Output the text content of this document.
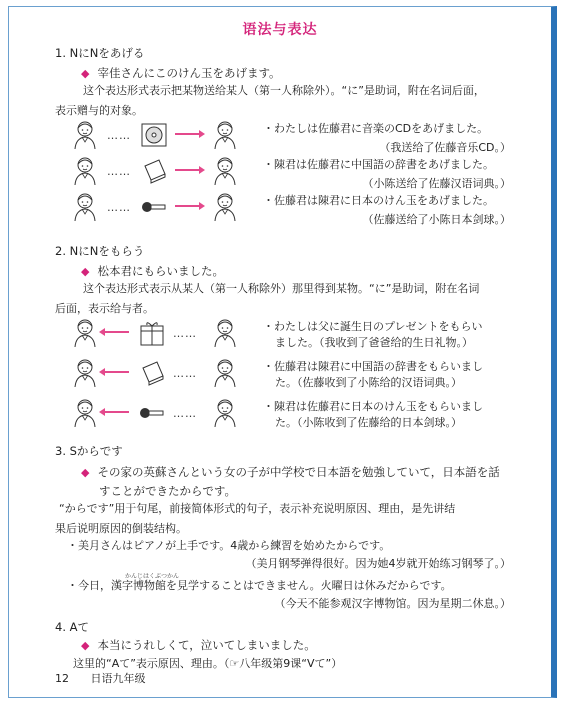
语法与表达
1. NにNをあげる
◆ 宰佳さんにこのけん玉をあげます。
这个表达形式表示把某物送给某人（第一人称除外）。“に”是助词，附在名词后面，
表示赠与的对象。
……
・わたしは佐藤君に音楽のCDをあげました。
（我送给了佐藤音乐CD。）
……
・陳君は佐藤君に中国語の辞書をあげました。
（小陈送给了佐藤汉语词典。）
……
・佐藤君は陳君に日本のけん玉をあげました。
（佐藤送给了小陈日本剑球。）
2. NにNをもらう
◆ 松本君にもらいました。
这个表达形式表示从某人（第一人称除外）那里得到某物。“に”是助词，附在名词
后面，表示给与者。
……
・わたしは父に誕生日のプレゼントをもらい
ました。（我收到了爸爸给的生日礼物。）
……
・佐藤君は陳君に中国語の辞書をもらいまし
た。（佐藤收到了小陈给的汉语词典。）
……
・陳君は佐藤君に日本のけん玉をもらいまし
た。（小陈收到了佐藤给的日本剑球。）
3. Sからです
◆ その家の英蘇さんという女の子が中学校で日本語を勉強していて，日本語を話
すことができたからです。
“からです”用于句尾，前接简体形式的句子，表示补充说明原因、理由，是先讲结
果后说明原因的倒装结构。
・美月さんはピアノが上手です。4歳から練習を始めたからです。
（美月钢琴弹得很好。因为她4岁就开始练习钢琴了。）
かんじはくぶつかん
・今日，漢字博物館を見学することはできません。火曜日は休みだからです。
（今天不能参观汉字博物馆。因为星期二休息。）
4. Aて
◆ 本当にうれしくて，泣いてしまいました。
这里的“Aて”表示原因、理由。（☞八年级第9课“Vて”）
12 日语九年级
